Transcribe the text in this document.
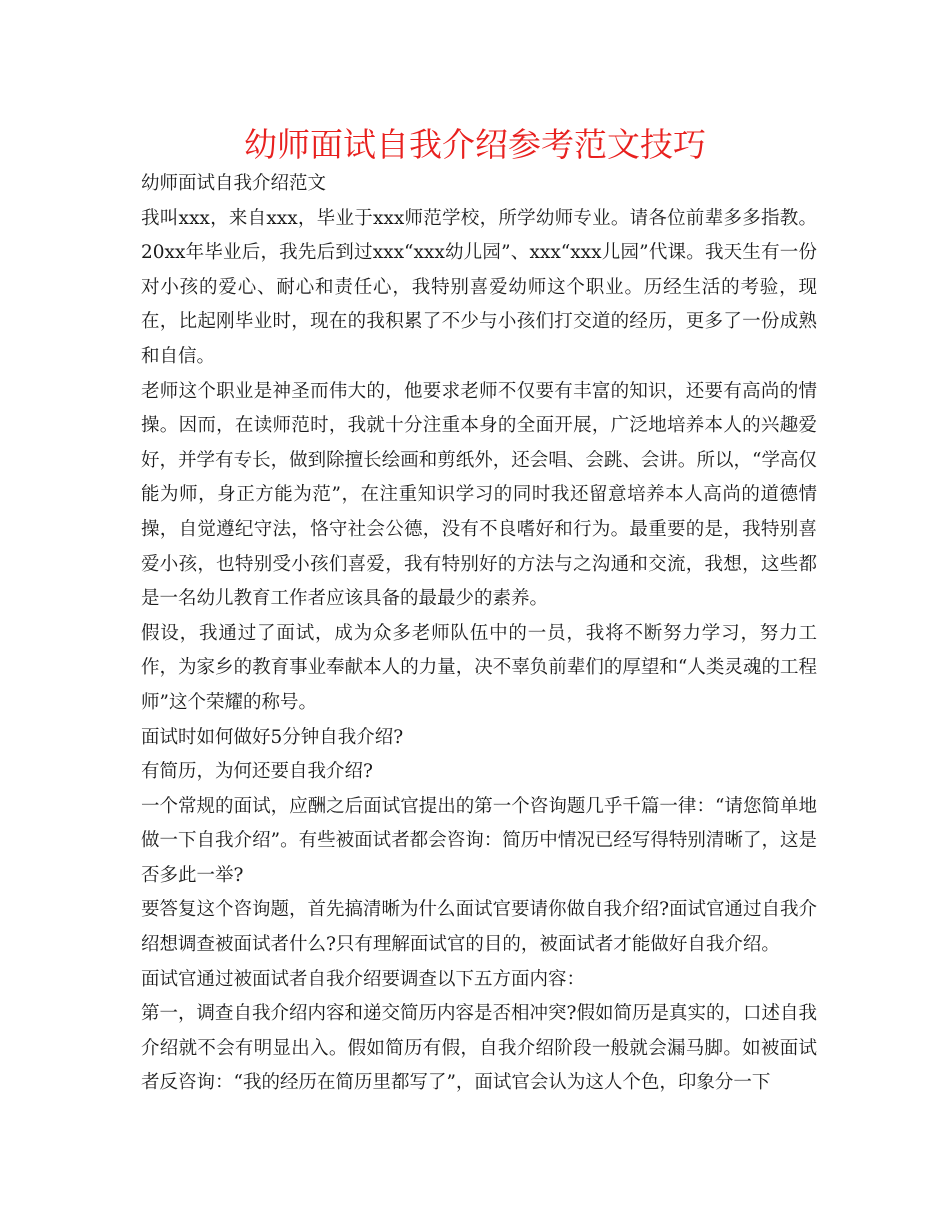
幼师面试自我介绍参考范文技巧

幼师面试自我介绍范文

我叫xxx，来自xxx，毕业于xxx师范学校，所学幼师专业。请各位前辈多多指教。20xx年毕业后，我先后到过xxx“xxx幼儿园”、xxx“xxx儿园”代课。我天生有一份对小孩的爱心、耐心和责任心，我特别喜爱幼师这个职业。历经生活的考验，现在，比起刚毕业时，现在的我积累了不少与小孩们打交道的经历，更多了一份成熟和自信。

老师这个职业是神圣而伟大的，他要求老师不仅要有丰富的知识，还要有高尚的情操。因而，在读师范时，我就十分注重本身的全面开展，广泛地培养本人的兴趣爱好，并学有专长，做到除擅长绘画和剪纸外，还会唱、会跳、会讲。所以，“学高仅能为师，身正方能为范”，在注重知识学习的同时我还留意培养本人高尚的道德情操，自觉遵纪守法，恪守社会公德，没有不良嗜好和行为。最重要的是，我特别喜爱小孩，也特别受小孩们喜爱，我有特别好的方法与之沟通和交流，我想，这些都是一名幼儿教育工作者应该具备的最最少的素养。

假设，我通过了面试，成为众多老师队伍中的一员，我将不断努力学习，努力工作，为家乡的教育事业奉献本人的力量，决不辜负前辈们的厚望和“人类灵魂的工程师”这个荣耀的称号。

面试时如何做好5分钟自我介绍?

有简历，为何还要自我介绍?

一个常规的面试，应酬之后面试官提出的第一个咨询题几乎千篇一律：“请您简单地做一下自我介绍”。有些被面试者都会咨询：简历中情况已经写得特别清晰了，这是否多此一举?

要答复这个咨询题，首先搞清晰为什么面试官要请你做自我介绍?面试官通过自我介绍想调查被面试者什么?只有理解面试官的目的，被面试者才能做好自我介绍。

面试官通过被面试者自我介绍要调查以下五方面内容：

第一，调查自我介绍内容和递交简历内容是否相冲突?假如简历是真实的，口述自我介绍就不会有明显出入。假如简历有假，自我介绍阶段一般就会漏马脚。如被面试者反咨询：“我的经历在简历里都写了”，面试官会认为这人个色，印象分一下
